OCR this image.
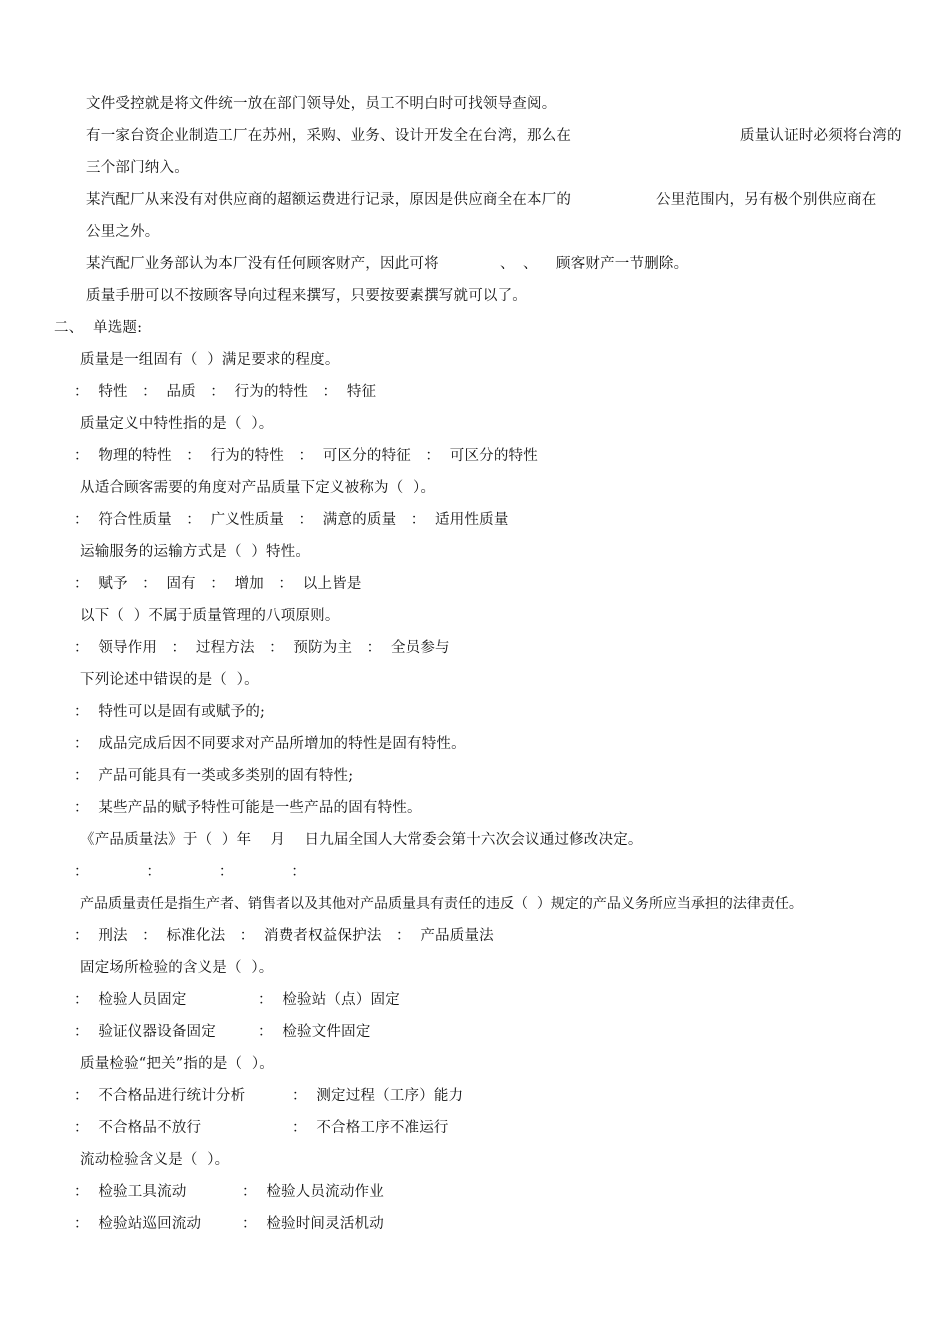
文件受控就是将文件统一放在部门领导处，员工不明白时可找领导查阅。
有一家台资企业制造工厂在苏州，采购、业务、设计开发全在台湾，那么在	质量认证时必须将台湾的
三个部门纳入。
某汽配厂从来没有对供应商的超额运费进行记录，原因是供应商全在本厂的	公里范围内，另有极个别供应商在
公里之外。
某汽配厂业务部认为本厂没有任何顾客财产，因此可将	、 、 顾客财产一节删除。
质量手册可以不按顾客导向过程来撰写，只要按要素撰写就可以了。
二、  单选题:
质量是一组固有（  ）满足要求的程度。
：  特性   ：  品质   ：  行为的特性   ：  特征
质量定义中特性指的是（  ）。
：  物理的特性   ：  行为的特性   ：  可区分的特征   ：  可区分的特性
从适合顾客需要的角度对产品质量下定义被称为（  ）。
：  符合性质量   ：  广义性质量   ：  满意的质量   ：  适用性质量
运输服务的运输方式是（  ）特性。
：  赋予   ：  固有   ：  增加   ：  以上皆是
以下（  ）不属于质量管理的八项原则。
：  领导作用   ：  过程方法   ：  预防为主   ：  全员参与
下列论述中错误的是（  ）。
：  特性可以是固有或赋予的;
：  成品完成后因不同要求对产品所增加的特性是固有特性。
：  产品可能具有一类或多类别的固有特性;
：  某些产品的赋予特性可能是一些产品的固有特性。
《产品质量法》于（  ）年    月    日九届全国人大常委会第十六次会议通过修改决定。
：            ：            ：            ：
产品质量责任是指生产者、销售者以及其他对产品质量具有责任的违反（  ）规定的产品义务所应当承担的法律责任。
：  刑法   ：  标准化法   ：  消费者权益保护法   ：  产品质量法
固定场所检验的含义是（  ）。
：  检验人员固定	：  检验站（点）固定
：  验证仪器设备固定	：  检验文件固定
质量检验“把关”指的是（  ）。
：  不合格品进行统计分析	：  测定过程（工序）能力
：  不合格品不放行	：  不合格工序不准运行
流动检验含义是（  ）。
：  检验工具流动	：  检验人员流动作业
：  检验站巡回流动	：  检验时间灵活机动
